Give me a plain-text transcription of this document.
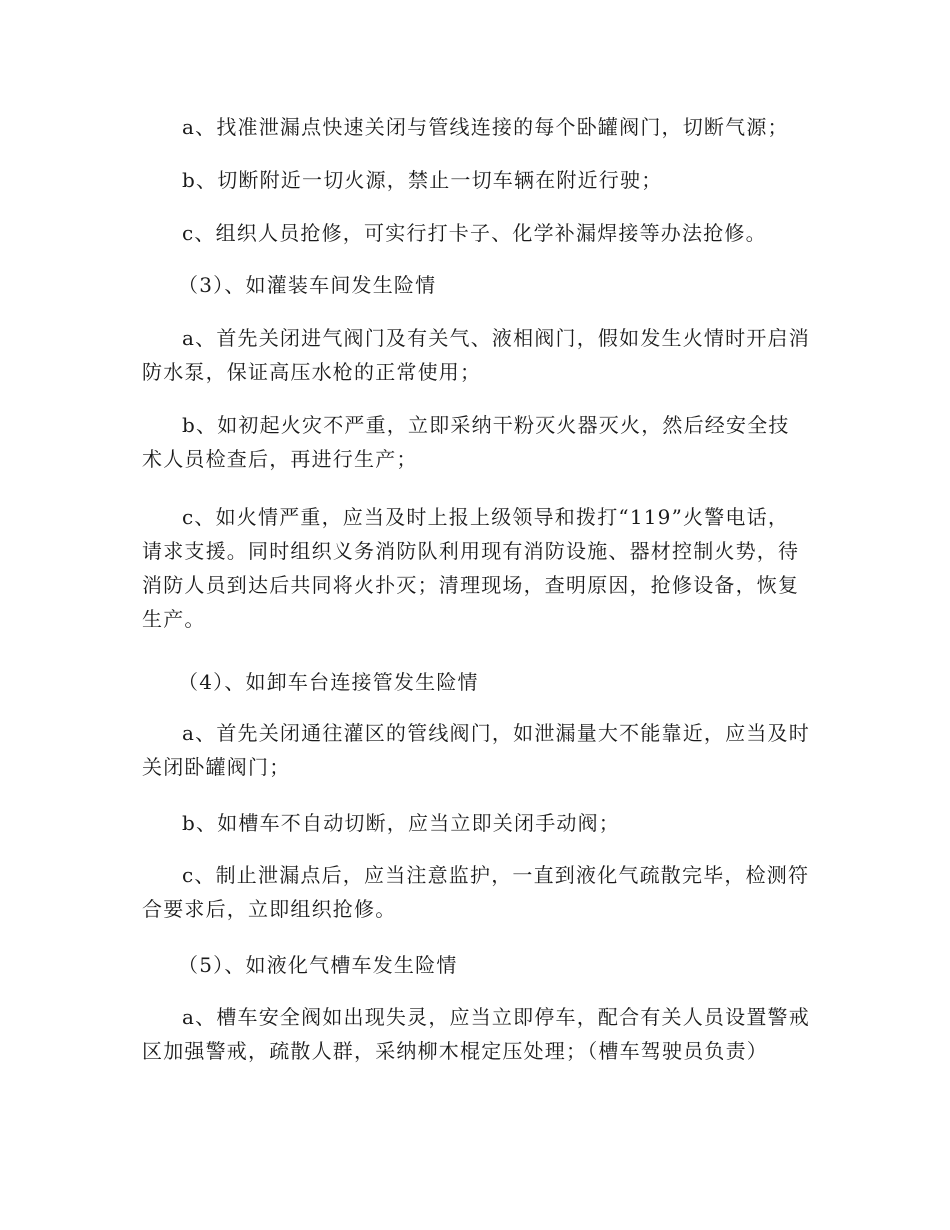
a、找准泄漏点快速关闭与管线连接的每个卧罐阀门，切断气源；

b、切断附近一切火源，禁止一切车辆在附近行驶；

c、组织人员抢修，可实行打卡子、化学补漏焊接等办法抢修。

（3）、如灌装车间发生险情

a、首先关闭进气阀门及有关气、液相阀门，假如发生火情时开启消防水泵，保证高压水枪的正常使用；

b、如初起火灾不严重，立即采纳干粉灭火器灭火，然后经安全技术人员检查后，再进行生产；

c、如火情严重，应当及时上报上级领导和拨打“119”火警电话，请求支援。同时组织义务消防队利用现有消防设施、器材控制火势，待消防人员到达后共同将火扑灭；清理现场，查明原因，抢修设备，恢复生产。

（4）、如卸车台连接管发生险情

a、首先关闭通往灌区的管线阀门，如泄漏量大不能靠近，应当及时关闭卧罐阀门；

b、如槽车不自动切断，应当立即关闭手动阀；

c、制止泄漏点后，应当注意监护，一直到液化气疏散完毕，检测符合要求后，立即组织抢修。

（5）、如液化气槽车发生险情

a、槽车安全阀如出现失灵，应当立即停车，配合有关人员设置警戒区加强警戒，疏散人群，采纳柳木棍定压处理；（槽车驾驶员负责）
